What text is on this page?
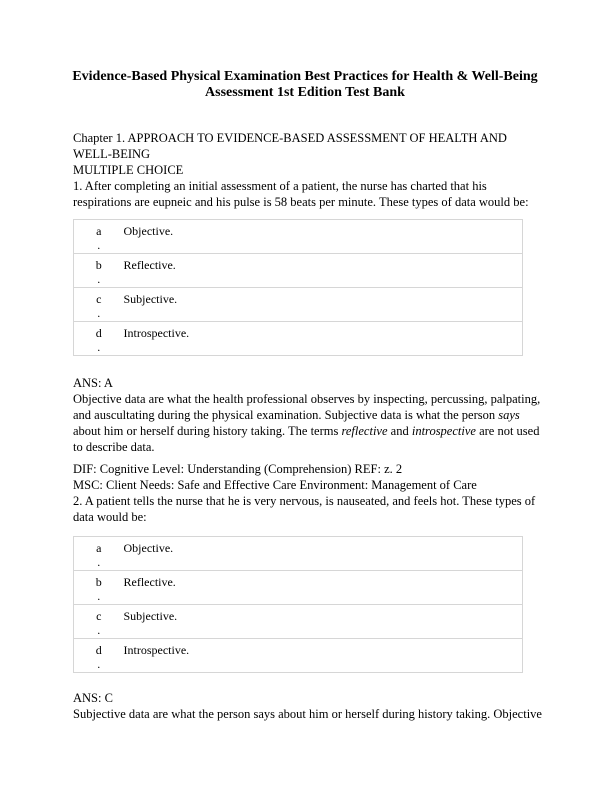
Evidence-Based Physical Examination Best Practices for Health & Well-Being Assessment 1st Edition Test Bank
Chapter 1. APPROACH TO EVIDENCE-BASED ASSESSMENT OF HEALTH AND WELL-BEING
MULTIPLE CHOICE
1. After completing an initial assessment of a patient, the nurse has charted that his respirations are eupneic and his pulse is 58 beats per minute. These types of data would be:
a
.	Objective.
b
.	Reflective.
c
.	Subjective.
d
.	Introspective.
ANS: A
Objective data are what the health professional observes by inspecting, percussing, palpating, and auscultating during the physical examination. Subjective data is what the person says about him or herself during history taking. The terms reflective and introspective are not used to describe data.
DIF: Cognitive Level: Understanding (Comprehension) REF: z. 2
MSC: Client Needs: Safe and Effective Care Environment: Management of Care
2. A patient tells the nurse that he is very nervous, is nauseated, and feels hot. These types of data would be:
a
.	Objective.
b
.	Reflective.
c
.	Subjective.
d
.	Introspective.
ANS: C
Subjective data are what the person says about him or herself during history taking. Objective
